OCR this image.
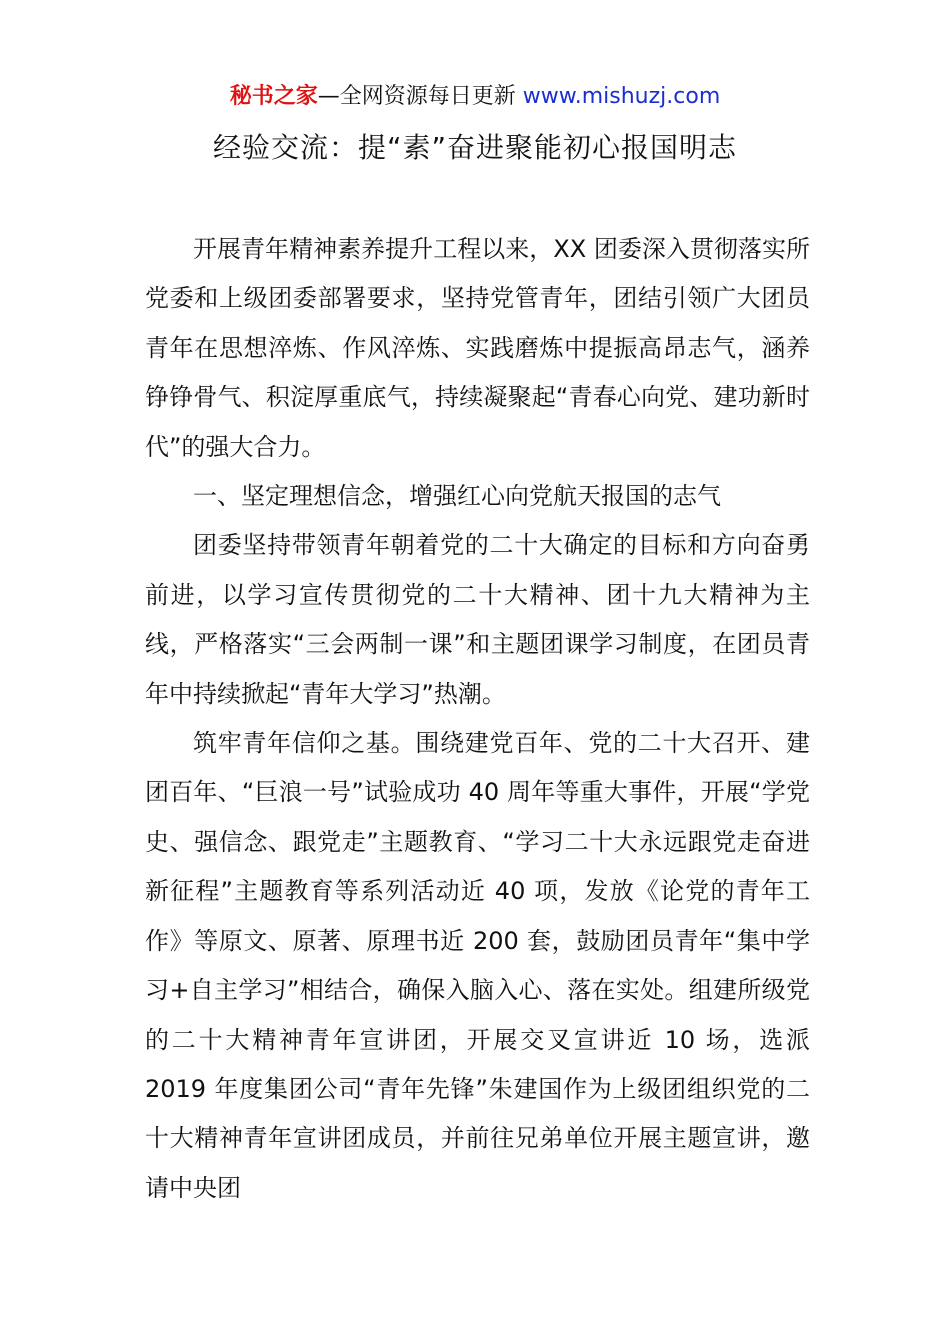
秘书之家—全网资源每日更新 www.mishuzj.com
经验交流：提“素”奋进聚能初心报国明志

开展青年精神素养提升工程以来，XX 团委深入贯彻落实所党委和上级团委部署要求，坚持党管青年，团结引领广大团员青年在思想淬炼、作风淬炼、实践磨炼中提振高昂志气，涵养铮铮骨气、积淀厚重底气，持续凝聚起“青春心向党、建功新时代”的强大合力。

一、坚定理想信念，增强红心向党航天报国的志气

团委坚持带领青年朝着党的二十大确定的目标和方向奋勇前进，以学习宣传贯彻党的二十大精神、团十九大精神为主线，严格落实“三会两制一课”和主题团课学习制度，在团员青年中持续掀起“青年大学习”热潮。

筑牢青年信仰之基。围绕建党百年、党的二十大召开、建团百年、“巨浪一号”试验成功 40 周年等重大事件，开展“学党史、强信念、跟党走”主题教育、“学习二十大永远跟党走奋进新征程”主题教育等系列活动近 40 项，发放《论党的青年工作》等原文、原著、原理书近 200 套，鼓励团员青年“集中学习+自主学习”相结合，确保入脑入心、落在实处。组建所级党的二十大精神青年宣讲团，开展交叉宣讲近 10 场，选派 2019 年度集团公司“青年先锋”朱建国作为上级团组织党的二十大精神青年宣讲团成员，并前往兄弟单位开展主题宣讲，邀请中央团
